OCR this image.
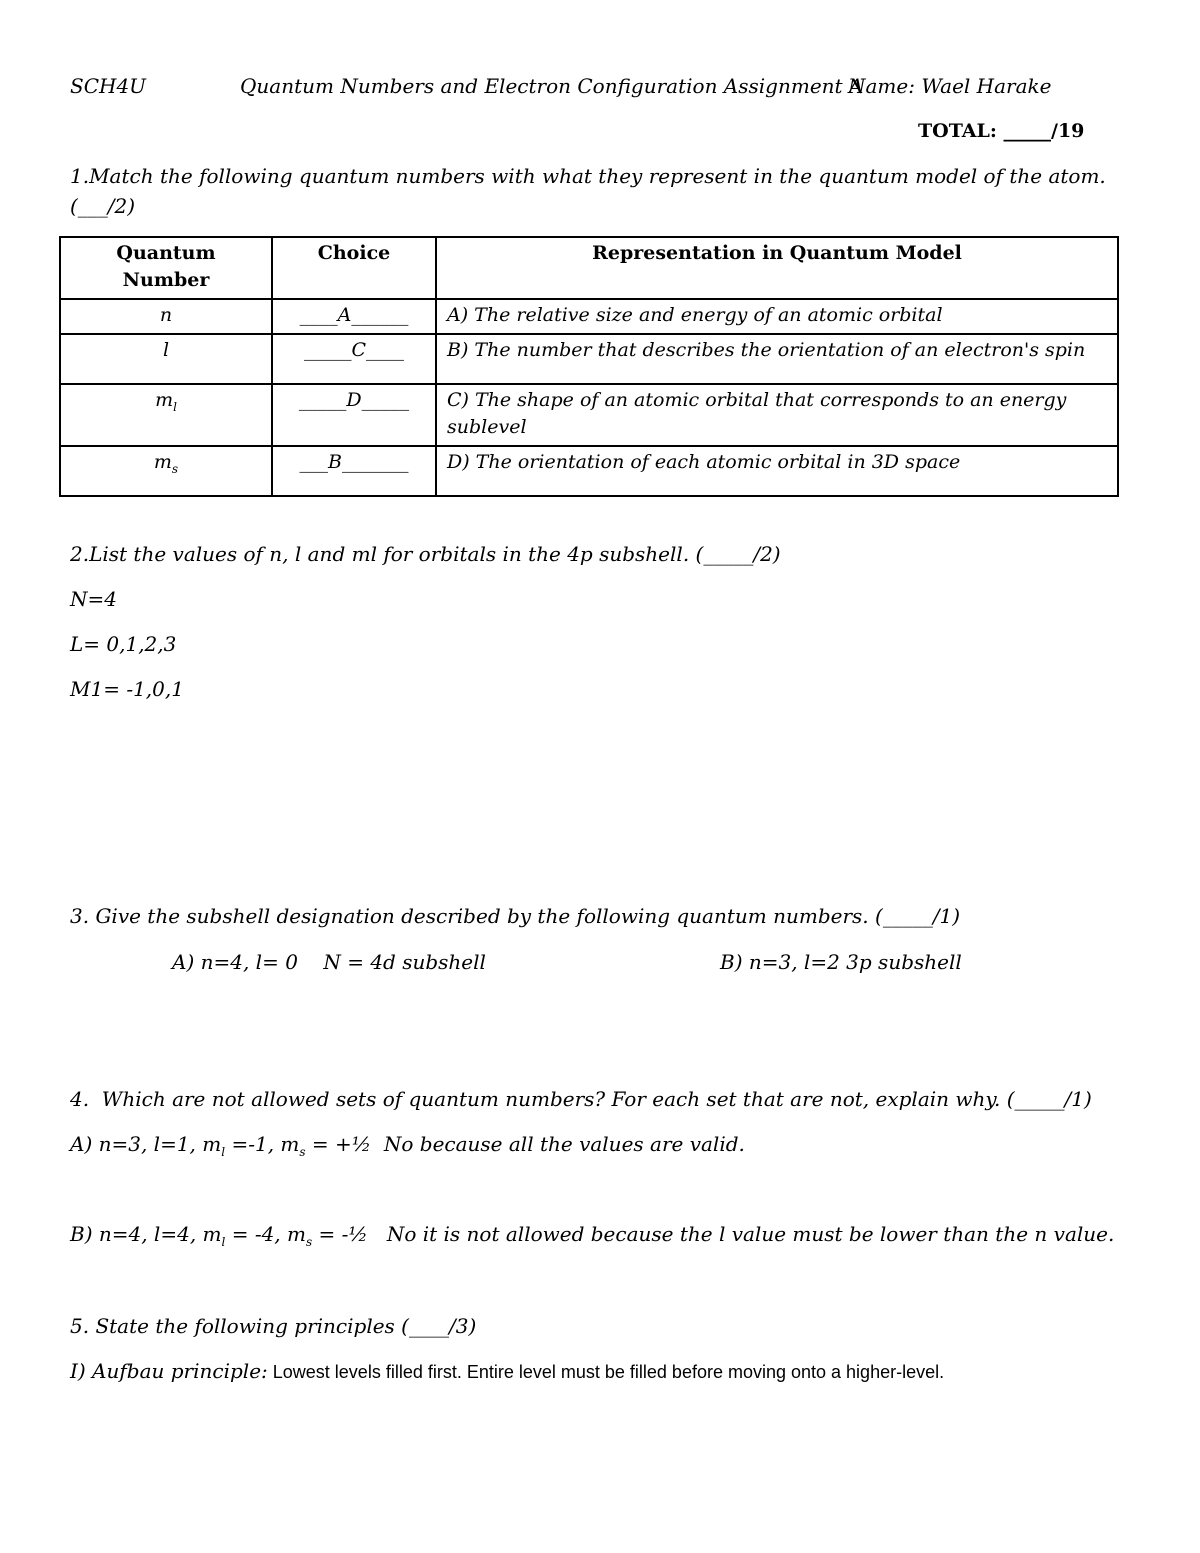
SCH4U	Quantum Numbers and Electron Configuration Assignment A
Name: Wael Harake
TOTAL: _____/19
1.Match the following quantum numbers with what they represent in the quantum model of the atom.
(___/2)
Quantum Number	Choice	Representation in Quantum Model
n	____A______	A) The relative size and energy of an atomic orbital
l	_____C____	B) The number that describes the orientation of an electron's spin
$m_l$	_____D_____	C) The shape of an atomic orbital that corresponds to an energy sublevel
$m_s$	___B_______	D) The orientation of each atomic orbital in 3D space
2.List the values of n, l and ml for orbitals in the 4p subshell. (_____/2)
N=4
L= 0,1,2,3
M1= -1,0,1
3. Give the subshell designation described by the following quantum numbers. (_____/1)
A) n=4, l= 0    N = 4d subshell	B) n=3, l=2 3p subshell
4.  Which are not allowed sets of quantum numbers? For each set that are not, explain why. (_____/1)
A) n=3, l=1, $m_l =-1$, $m_s$ = +½  No because all the values are valid.
B) n=4, l=4, $m_l = -4$, $m_s$ = -½   No it is not allowed because the l value must be lower than the n value.
5. State the following principles (____/3)
I) Aufbau principle: Lowest levels filled first. Entire level must be filled before moving onto a higher-level.
